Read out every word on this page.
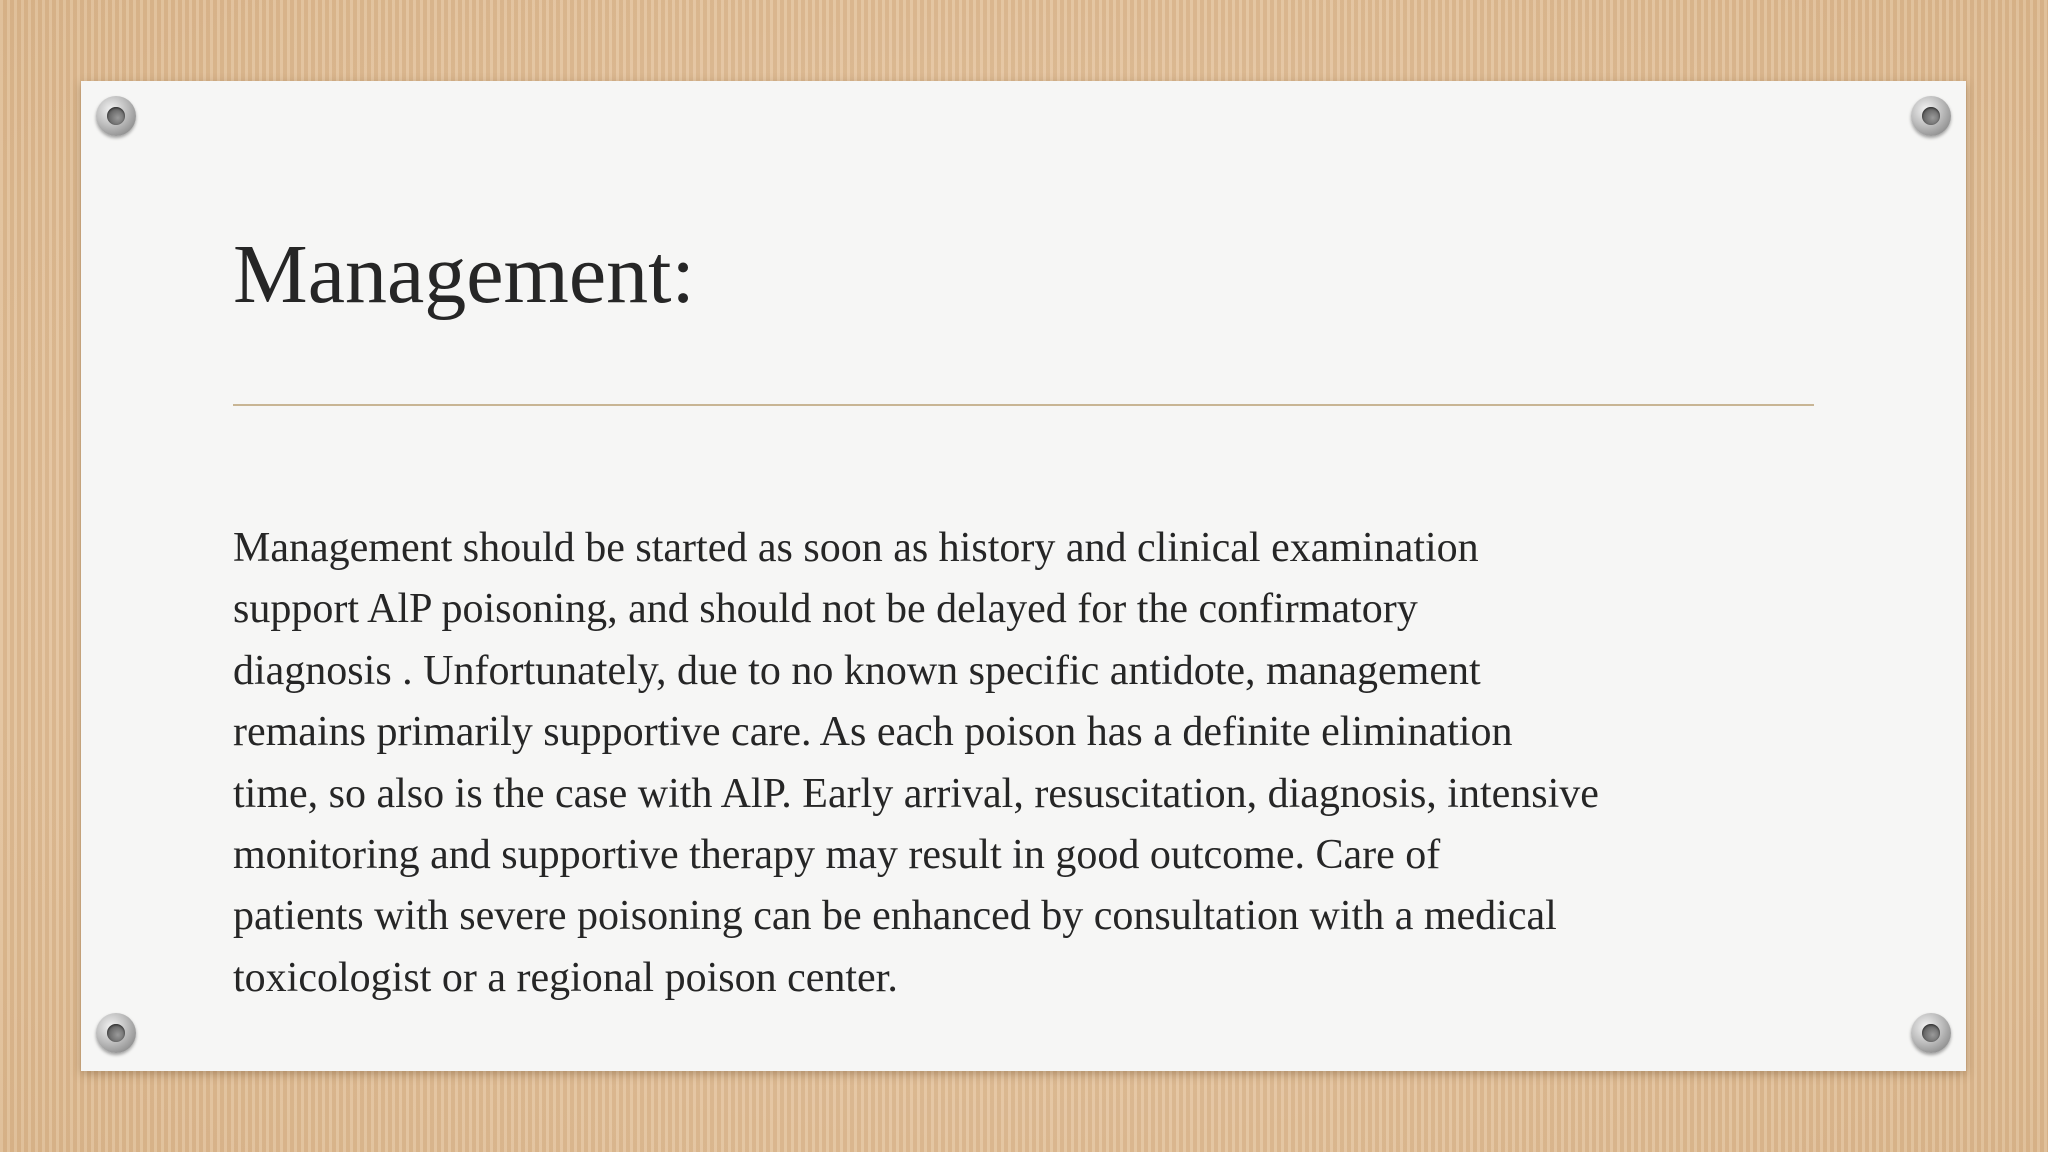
Management:

Management should be started as soon as history and clinical examination
support AlP poisoning, and should not be delayed for the confirmatory
diagnosis . Unfortunately, due to no known specific antidote, management
remains primarily supportive care. As each poison has a definite elimination
time, so also is the case with AlP. Early arrival, resuscitation, diagnosis, intensive
monitoring and supportive therapy may result in good outcome. Care of
patients with severe poisoning can be enhanced by consultation with a medical
toxicologist or a regional poison center.
